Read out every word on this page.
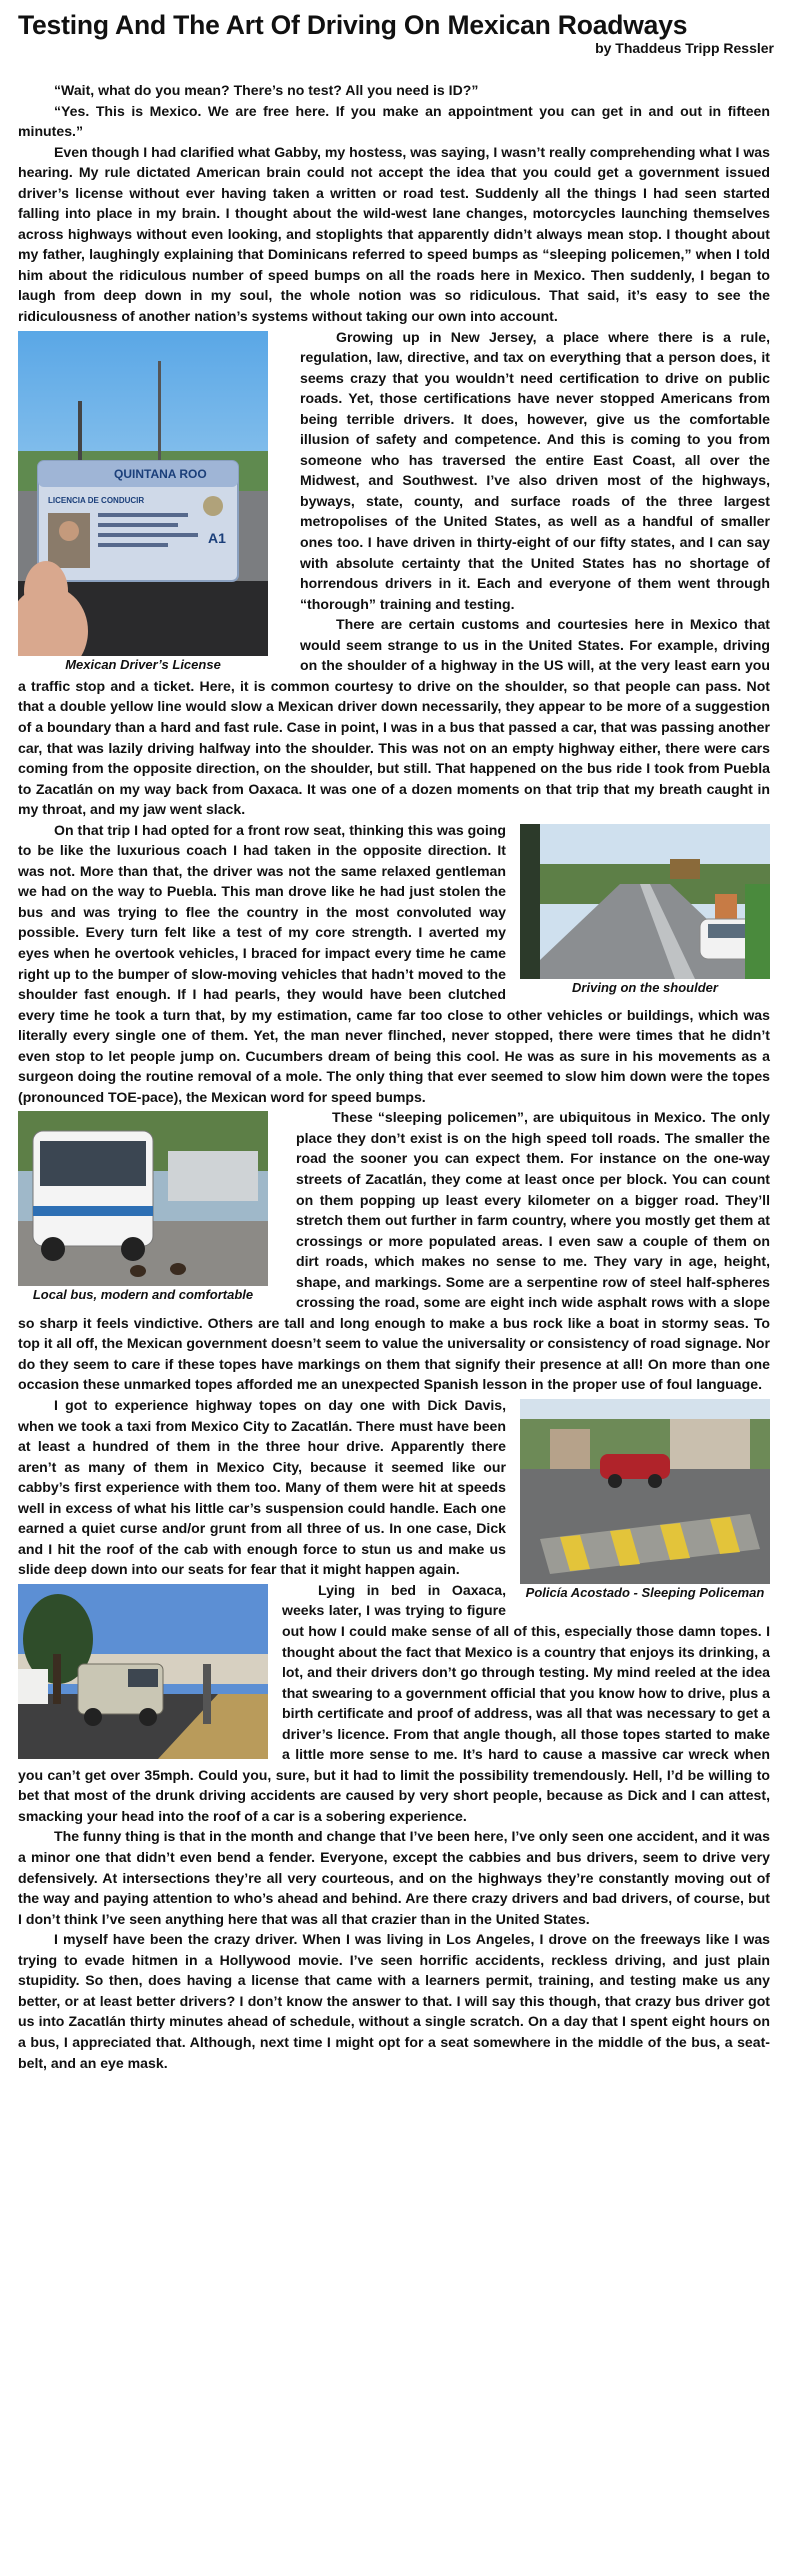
Testing And The Art Of Driving On Mexican Roadways
by Thaddeus Tripp Ressler

“Wait, what do you mean? There’s no test? All you need is ID?”

“Yes. This is Mexico. We are free here. If you make an appointment you can get in and out in fifteen minutes.”

Even though I had clarified what Gabby, my hostess, was saying, I wasn’t really comprehending what I was hearing. My rule dictated American brain could not accept the idea that you could get a government issued driver’s license without ever having taken a written or road test. Suddenly all the things I had seen started falling into place in my brain. I thought about the wild-west lane changes, motorcycles launching themselves across highways without even looking, and stoplights that apparently didn’t always mean stop. I thought about my father, laughingly explaining that Dominicans referred to speed bumps as “sleeping policemen,” when I told him about the ridiculous number of speed bumps on all the roads here in Mexico. Then suddenly, I began to laugh from deep down in my soul, the whole notion was so ridiculous. That said, it’s easy to see the ridiculousness of another nation’s systems without taking our own into account.

QUINTANA ROO
LICENCIA DE CONDUCIR
A1
Mexican Driver’s License

Growing up in New Jersey, a place where there is a rule, regulation, law, directive, and tax on everything that a person does, it seems crazy that you wouldn’t need certification to drive on public roads. Yet, those certifications have never stopped Americans from being terrible drivers. It does, however, give us the comfortable illusion of safety and competence. And this is coming to you from someone who has traversed the entire East Coast, all over the Midwest, and Southwest. I’ve also driven most of the highways, byways, state, county, and surface roads of the three largest metropolises of the United States, as well as a handful of smaller ones too. I have driven in thirty-eight of our fifty states, and I can say with absolute certainty that the United States has no shortage of horrendous drivers in it. Each and everyone of them went through “thorough” training and testing.

There are certain customs and courtesies here in Mexico that would seem strange to us in the United States. For example, driving on the shoulder of a highway in the US will, at the very least earn you a traffic stop and a ticket. Here, it is common courtesy to drive on the shoulder, so that people can pass. Not that a double yellow line would slow a Mexican driver down necessarily, they appear to be more of a suggestion of a boundary than a hard and fast rule. Case in point, I was in a bus that passed a car, that was passing another car, that was lazily driving halfway into the shoulder. This was not on an empty highway either, there were cars coming from the opposite direction, on the shoulder, but still. That happened on the bus ride I took from Puebla to Zacatlán on my way back from Oaxaca. It was one of a dozen moments on that trip that my breath caught in my throat, and my jaw went slack.

Driving on the shoulder

On that trip I had opted for a front row seat, thinking this was going to be like the luxurious coach I had taken in the opposite direction. It was not. More than that, the driver was not the same relaxed gentleman we had on the way to Puebla. This man drove like he had just stolen the bus and was trying to flee the country in the most convoluted way possible. Every turn felt like a test of my core strength. I averted my eyes when he overtook vehicles, I braced for impact every time he came right up to the bumper of slow-moving vehicles that hadn’t moved to the shoulder fast enough. If I had pearls, they would have been clutched every time he took a turn that, by my estimation, came far too close to other vehicles or buildings, which was literally every single one of them. Yet, the man never flinched, never stopped, there were times that he didn’t even stop to let people jump on. Cucumbers dream of being this cool. He was as sure in his movements as a surgeon doing the routine removal of a mole. The only thing that ever seemed to slow him down were the topes (pronounced TOE-pace), the Mexican word for speed bumps.

Local bus, modern and comfortable

These “sleeping policemen”, are ubiquitous in Mexico. The only place they don’t exist is on the high speed toll roads. The smaller the road the sooner you can expect them. For instance on the one-way streets of Zacatlán, they come at least once per block. You can count on them popping up least every kilometer on a bigger road. They’ll stretch them out further in farm country, where you mostly get them at crossings or more populated areas. I even saw a couple of them on dirt roads, which makes no sense to me. They vary in age, height, shape, and markings. Some are a serpentine row of steel half-spheres crossing the road, some are eight inch wide asphalt rows with a slope so sharp it feels vindictive. Others are tall and long enough to make a bus rock like a boat in stormy seas. To top it all off, the Mexican government doesn’t seem to value the universality or consistency of road signage. Nor do they seem to care if these topes have markings on them that signify their presence at all! On more than one occasion these unmarked topes afforded me an unexpected Spanish lesson in the proper use of foul language.

Policía Acostado - Sleeping Policeman

I got to experience highway topes on day one with Dick Davis, when we took a taxi from Mexico City to Zacatlán. There must have been at least a hundred of them in the three hour drive. Apparently there aren’t as many of them in Mexico City, because it seemed like our cabby’s first experience with them too. Many of them were hit at speeds well in excess of what his little car’s suspension could handle. Each one earned a quiet curse and/or grunt from all three of us. In one case, Dick and I hit the roof of the cab with enough force to stun us and make us slide deep down into our seats for fear that it might happen again.

Lying in bed in Oaxaca, weeks later, I was trying to figure out how I could make sense of all of this, especially those damn topes. I thought about the fact that Mexico is a country that enjoys its drinking, a lot, and their drivers don’t go through testing. My mind reeled at the idea that swearing to a government official that you know how to drive, plus a birth certificate and proof of address, was all that was necessary to get a driver’s licence. From that angle though, all those topes started to make a little more sense to me. It’s hard to cause a massive car wreck when you can’t get over 35mph. Could you, sure, but it had to limit the possibility tremendously. Hell, I’d be willing to bet that most of the drunk driving accidents are caused by very short people, because as Dick and I can attest, smacking your head into the roof of a car is a sobering experience.

The funny thing is that in the month and change that I’ve been here, I’ve only seen one accident, and it was a minor one that didn’t even bend a fender. Everyone, except the cabbies and bus drivers, seem to drive very defensively. At intersections they’re all very courteous, and on the highways they’re constantly moving out of the way and paying attention to who’s ahead and behind. Are there crazy drivers and bad drivers, of course, but I don’t think I’ve seen anything here that was all that crazier than in the United States.

I myself have been the crazy driver. When I was living in Los Angeles, I drove on the freeways like I was trying to evade hitmen in a Hollywood movie. I’ve seen horrific accidents, reckless driving, and just plain stupidity. So then, does having a license that came with a learners permit, training, and testing make us any better, or at least better drivers? I don’t know the answer to that. I will say this though, that crazy bus driver got us into Zacatlán thirty minutes ahead of schedule, without a single scratch. On a day that I spent eight hours on a bus, I appreciated that. Although, next time I might opt for a seat somewhere in the middle of the bus, a seat-belt, and an eye mask.
